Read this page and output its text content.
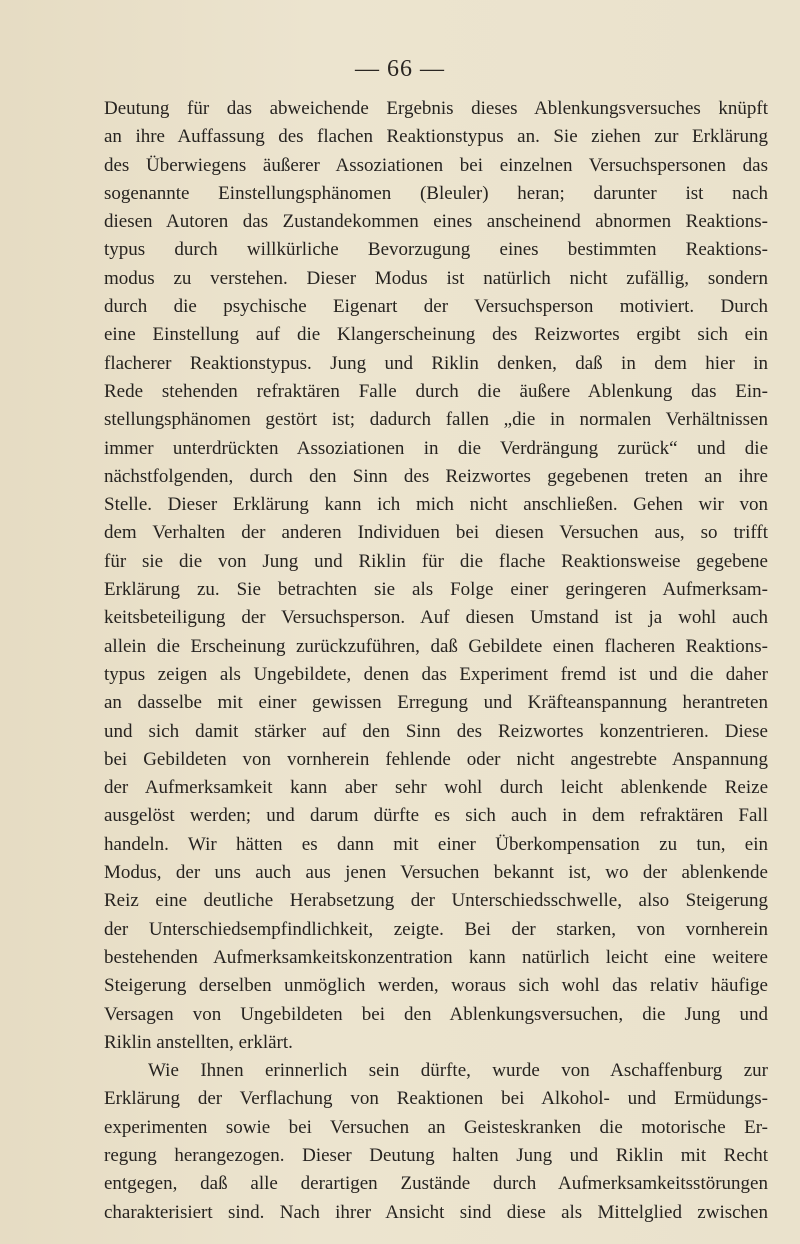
— 66 —
Deutung für das abweichende Ergebnis dieses Ablenkungsversuches knüpft
an ihre Auffassung des flachen Reaktionstypus an. Sie ziehen zur Erklärung
des Überwiegens äußerer Assoziationen bei einzelnen Versuchspersonen das
sogenannte Einstellungsphänomen (Bleuler) heran; darunter ist nach
diesen Autoren das Zustandekommen eines anscheinend abnormen Reaktions-
typus durch willkürliche Bevorzugung eines bestimmten Reaktions-
modus zu verstehen. Dieser Modus ist natürlich nicht zufällig, sondern
durch die psychische Eigenart der Versuchsperson motiviert. Durch
eine Einstellung auf die Klangerscheinung des Reizwortes ergibt sich ein
flacherer Reaktionstypus. Jung und Riklin denken, daß in dem hier in
Rede stehenden refraktären Falle durch die äußere Ablenkung das Ein-
stellungsphänomen gestört ist; dadurch fallen „die in normalen Verhältnissen
immer unterdrückten Assoziationen in die Verdrängung zurück“ und die
nächstfolgenden, durch den Sinn des Reizwortes gegebenen treten an ihre
Stelle. Dieser Erklärung kann ich mich nicht anschließen. Gehen wir von
dem Verhalten der anderen Individuen bei diesen Versuchen aus, so trifft
für sie die von Jung und Riklin für die flache Reaktionsweise gegebene
Erklärung zu. Sie betrachten sie als Folge einer geringeren Aufmerksam-
keitsbeteiligung der Versuchsperson. Auf diesen Umstand ist ja wohl auch
allein die Erscheinung zurückzuführen, daß Gebildete einen flacheren Reaktions-
typus zeigen als Ungebildete, denen das Experiment fremd ist und die daher
an dasselbe mit einer gewissen Erregung und Kräfteanspannung herantreten
und sich damit stärker auf den Sinn des Reizwortes konzentrieren. Diese
bei Gebildeten von vornherein fehlende oder nicht angestrebte Anspannung
der Aufmerksamkeit kann aber sehr wohl durch leicht ablenkende Reize
ausgelöst werden; und darum dürfte es sich auch in dem refraktären Fall
handeln. Wir hätten es dann mit einer Überkompensation zu tun, ein
Modus, der uns auch aus jenen Versuchen bekannt ist, wo der ablenkende
Reiz eine deutliche Herabsetzung der Unterschiedsschwelle, also Steigerung
der Unterschiedsempfindlichkeit, zeigte. Bei der starken, von vornherein
bestehenden Aufmerksamkeitskonzentration kann natürlich leicht eine weitere
Steigerung derselben unmöglich werden, woraus sich wohl das relativ häufige
Versagen von Ungebildeten bei den Ablenkungsversuchen, die Jung und
Riklin anstellten, erklärt.
Wie Ihnen erinnerlich sein dürfte, wurde von Aschaffenburg zur
Erklärung der Verflachung von Reaktionen bei Alkohol- und Ermüdungs-
experimenten sowie bei Versuchen an Geisteskranken die motorische Er-
regung herangezogen. Dieser Deutung halten Jung und Riklin mit Recht
entgegen, daß alle derartigen Zustände durch Aufmerksamkeitsstörungen
charakterisiert sind. Nach ihrer Ansicht sind diese als Mittelglied zwischen
